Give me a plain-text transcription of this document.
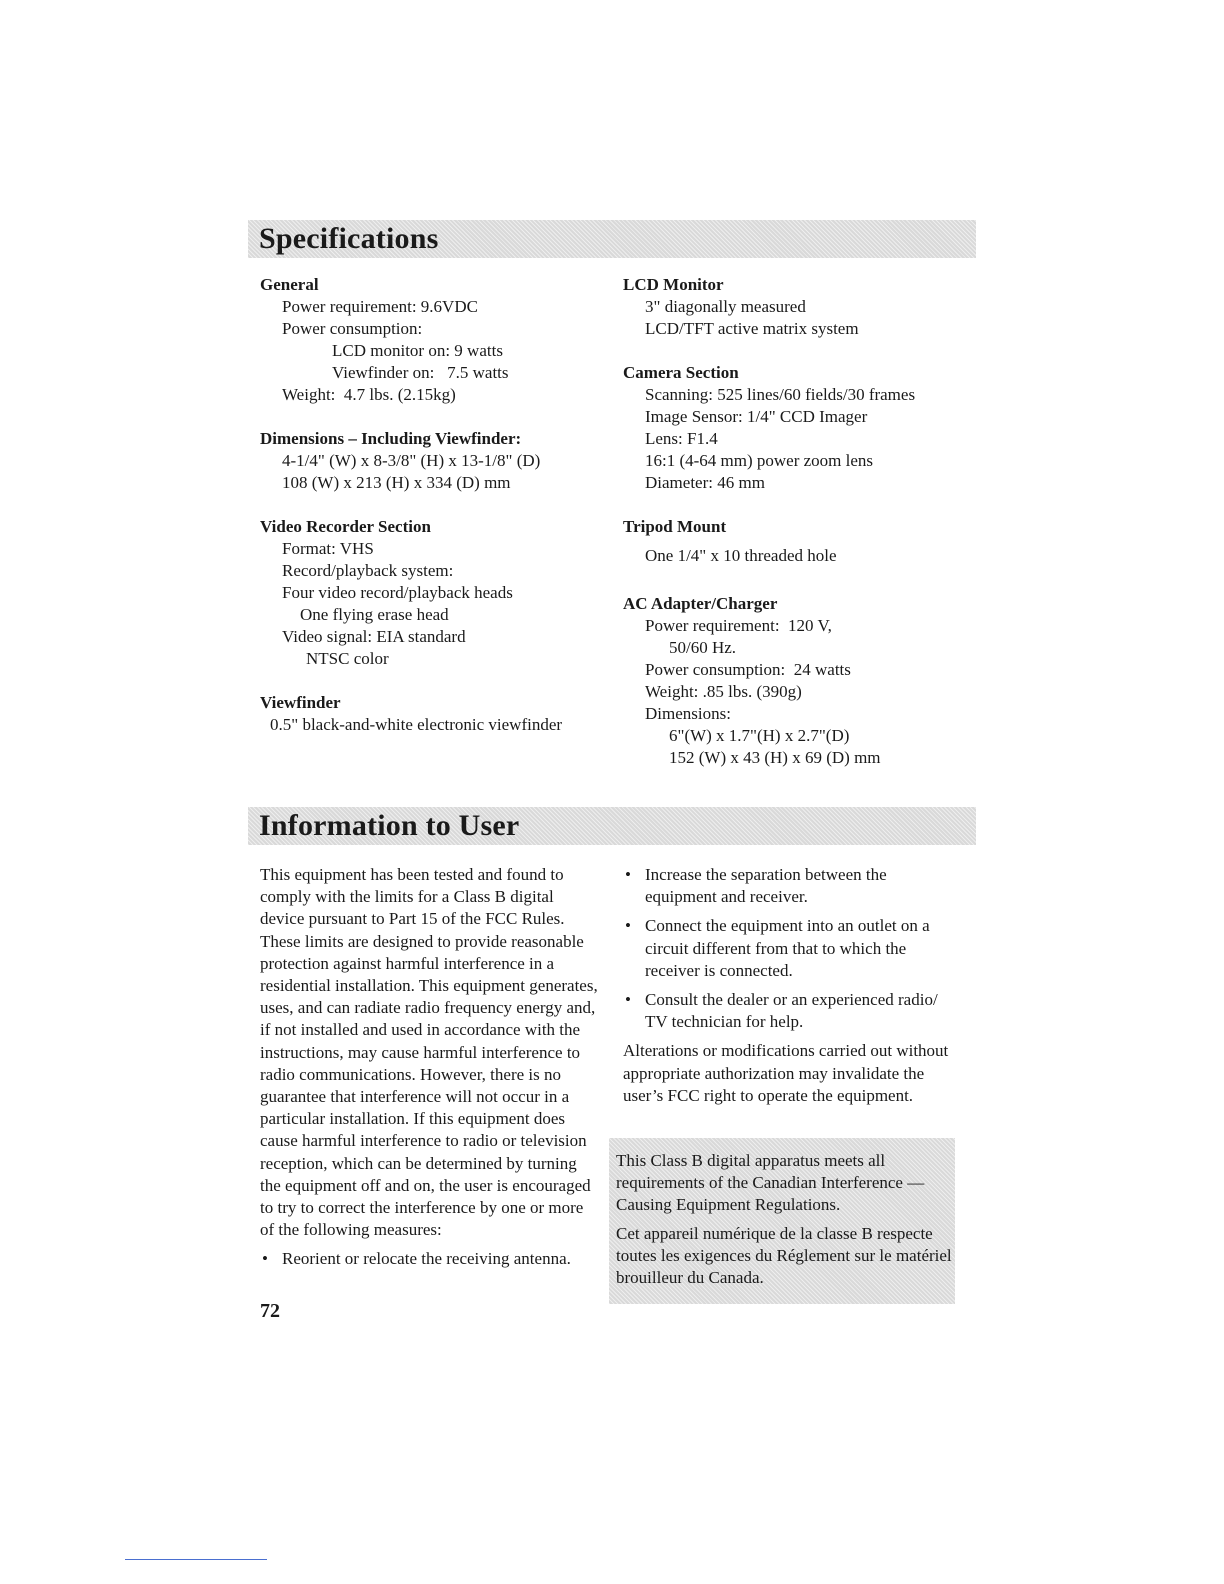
Specifications
General
Power requirement: 9.6VDC
Power consumption:
LCD monitor on: 9 watts
Viewfinder on:   7.5 watts
Weight:  4.7 lbs. (2.15kg)
Dimensions – Including Viewfinder:
4-1/4" (W) x 8-3/8" (H) x 13-1/8" (D)
108 (W) x 213 (H) x 334 (D) mm
Video Recorder Section
Format: VHS
Record/playback system:
Four video record/playback heads
One flying erase head
Video signal: EIA standard
NTSC color
Viewfinder
0.5" black-and-white electronic viewfinder
LCD Monitor
3" diagonally measured
LCD/TFT active matrix system
Camera Section
Scanning: 525 lines/60 fields/30 frames
Image Sensor: 1/4" CCD Imager
Lens: F1.4
16:1 (4-64 mm) power zoom lens
Diameter: 46 mm
Tripod Mount
One 1/4" x 10 threaded hole
AC Adapter/Charger
Power requirement:  120 V,
50/60 Hz.
Power consumption:  24 watts
Weight: .85 lbs. (390g)
Dimensions:
6"(W) x 1.7"(H) x 2.7"(D)
152 (W) x 43 (H) x 69 (D) mm
Information to User
This equipment has been tested and found to comply with the limits for a Class B digital device pursuant to Part 15 of the FCC Rules. These limits are designed to provide reasonable protection against harmful interference in a residential installation. This equipment generates, uses, and can radiate radio frequency energy and, if not installed and used in accordance with the instructions, may cause harmful interference to radio communications. However, there is no guarantee that interference will not occur in a particular installation. If this equipment does cause harmful interference to radio or television reception, which can be determined by turning the equipment off and on, the user is encouraged to try to correct the interference by one or more of the following measures:
• Reorient or relocate the receiving antenna.
• Increase the separation between the equipment and receiver.
• Connect the equipment into an outlet on a circuit different from that to which the receiver is connected.
• Consult the dealer or an experienced radio/ TV technician for help.
Alterations or modifications carried out without appropriate authorization may invalidate the user’s FCC right to operate the equipment.

This Class B digital apparatus meets all requirements of the Canadian Interference — Causing Equipment Regulations.

Cet appareil numérique de la classe B respecte toutes les exigences du Réglement sur le matériel brouilleur du Canada.

72
